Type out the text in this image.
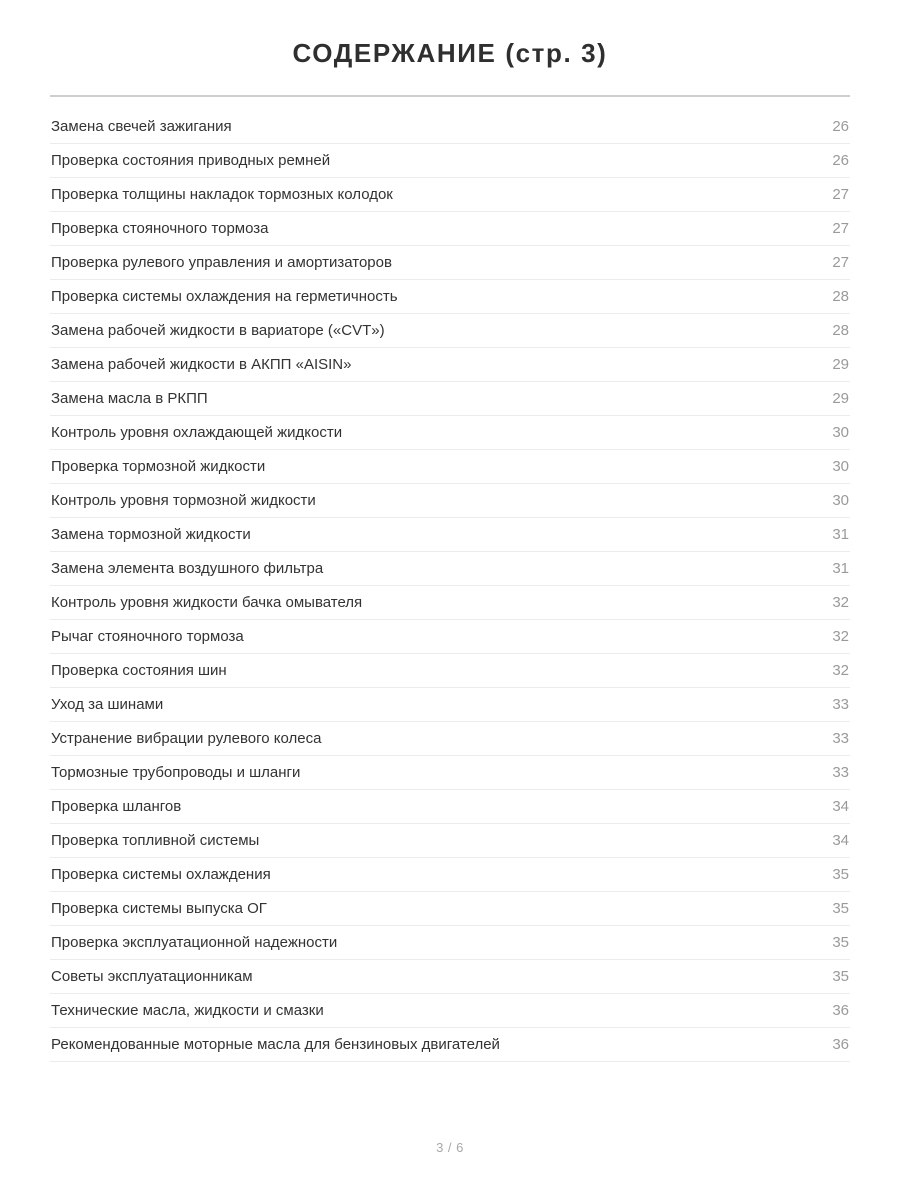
СОДЕРЖАНИЕ (стр. 3)
Замена свечей зажигания	26
Проверка состояния приводных ремней	26
Проверка толщины накладок тормозных колодок	27
Проверка стояночного тормоза	27
Проверка рулевого управления и амортизаторов	27
Проверка системы охлаждения на герметичность	28
Замена рабочей жидкости в вариаторе («CVT»)	28
Замена рабочей жидкости в АКПП «AISIN»	29
Замена масла в РКПП	29
Контроль уровня охлаждающей жидкости	30
Проверка тормозной жидкости	30
Контроль уровня тормозной жидкости	30
Замена тормозной жидкости	31
Замена элемента воздушного фильтра	31
Контроль уровня жидкости бачка омывателя	32
Рычаг стояночного тормоза	32
Проверка состояния шин	32
Уход за шинами	33
Устранение вибрации рулевого колеса	33
Тормозные трубопроводы и шланги	33
Проверка шлангов	34
Проверка топливной системы	34
Проверка системы охлаждения	35
Проверка системы выпуска ОГ	35
Проверка эксплуатационной надежности	35
Советы эксплуатационникам	35
Технические масла, жидкости и смазки	36
Рекомендованные моторные масла для бензиновых двигателей	36
3 / 6
